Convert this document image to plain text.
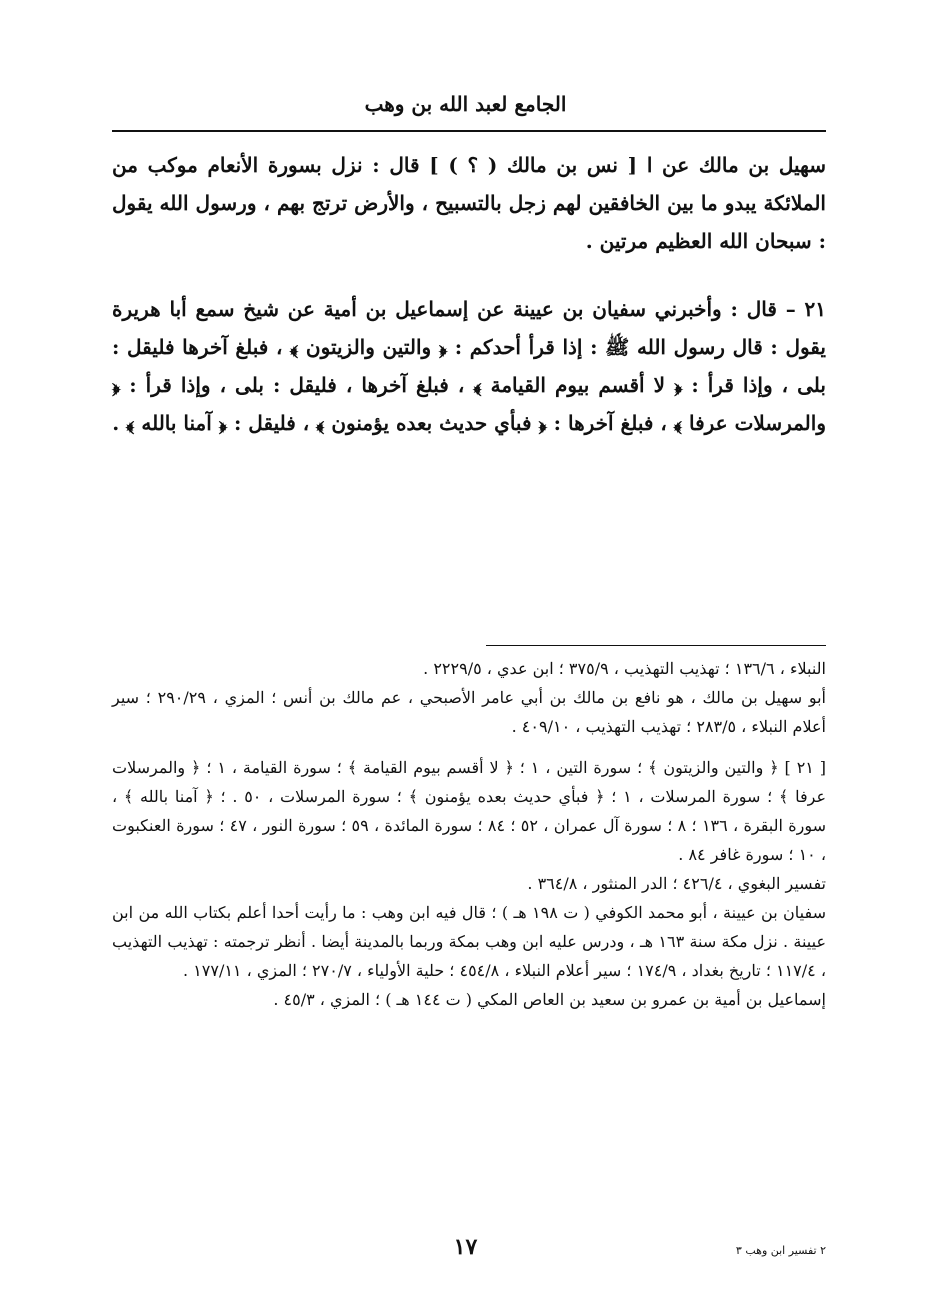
الجامع لعبد الله بن وهب

سهيل بن مالك عن ا [ نس بن مالك ( ؟ ) ] قال : نزل بسورة الأنعام موكب من الملائكة يبدو ما بين الخافقين لهم زجل بالتسبيح ، والأرض ترتج بهم ، ورسول الله يقول : سبحان الله العظيم مرتين .

٢١ – قال : وأخبرني سفيان بن عيينة عن إسماعيل بن أمية عن شيخ سمع أبا هريرة يقول : قال رسول الله ﷺ : إذا قرأ أحدكم : ﴿ والتين والزيتون ﴾ ، فبلغ آخرها فليقل : بلى ، وإذا قرأ : ﴿ لا أقسم بيوم القيامة ﴾ ، فبلغ آخرها ، فليقل : بلى ، وإذا قرأ : ﴿ والمرسلات عرفا ﴾ ، فبلغ آخرها : ﴿ فبأي حديث بعده يؤمنون ﴾ ، فليقل : ﴿ آمنا بالله ﴾ .

النبلاء ، ١٣٦/٦ ؛ تهذيب التهذيب ، ٣٧٥/٩ ؛ ابن عدي ، ٢٢٢٩/٥ .

أبو سهيل بن مالك ، هو نافع بن مالك بن أبي عامر الأصبحي ، عم مالك بن أنس ؛ المزي ، ٢٩٠/٢٩ ؛ سير أعلام النبلاء ، ٢٨٣/٥ ؛ تهذيب التهذيب ، ٤٠٩/١٠ .

[ ٢١ ] ﴿ والتين والزيتون ﴾ ؛ سورة التين ، ١ ؛ ﴿ لا أقسم بيوم القيامة ﴾ ؛ سورة القيامة ، ١ ؛ ﴿ والمرسلات عرفا ﴾ ؛ سورة المرسلات ، ١ ؛ ﴿ فبأي حديث بعده يؤمنون ﴾ ؛ سورة المرسلات ، ٥٠ . ؛ ﴿ آمنا بالله ﴾ ، سورة البقرة ، ١٣٦ ؛ ٨ ؛ سورة آل عمران ، ٥٢ ؛ ٨٤ ؛ سورة المائدة ، ٥٩ ؛ سورة النور ، ٤٧ ؛ سورة العنكبوت ، ١٠ ؛ سورة غافر ٨٤ .

تفسير البغوي ، ٤٢٦/٤ ؛ الدر المنثور ، ٣٦٤/٨ .

سفيان بن عيينة ، أبو محمد الكوفي ( ت ١٩٨ هـ ) ؛ قال فيه ابن وهب : ما رأيت أحدا أعلم بكتاب الله من ابن عيينة . نزل مكة سنة ١٦٣ هـ ، ودرس عليه ابن وهب بمكة وربما بالمدينة أيضا . أنظر ترجمته : تهذيب التهذيب ، ١١٧/٤ ؛ تاريخ بغداد ، ١٧٤/٩ ؛ سير أعلام النبلاء ، ٤٥٤/٨ ؛ حلية الأولياء ، ٢٧٠/٧ ؛ المزي ، ١٧٧/١١ .

إسماعيل بن أمية بن عمرو بن سعيد بن العاص المكي ( ت ١٤٤ هـ ) ؛ المزي ، ٤٥/٣ .

١٧	٢ تفسير ابن وهب ٣
